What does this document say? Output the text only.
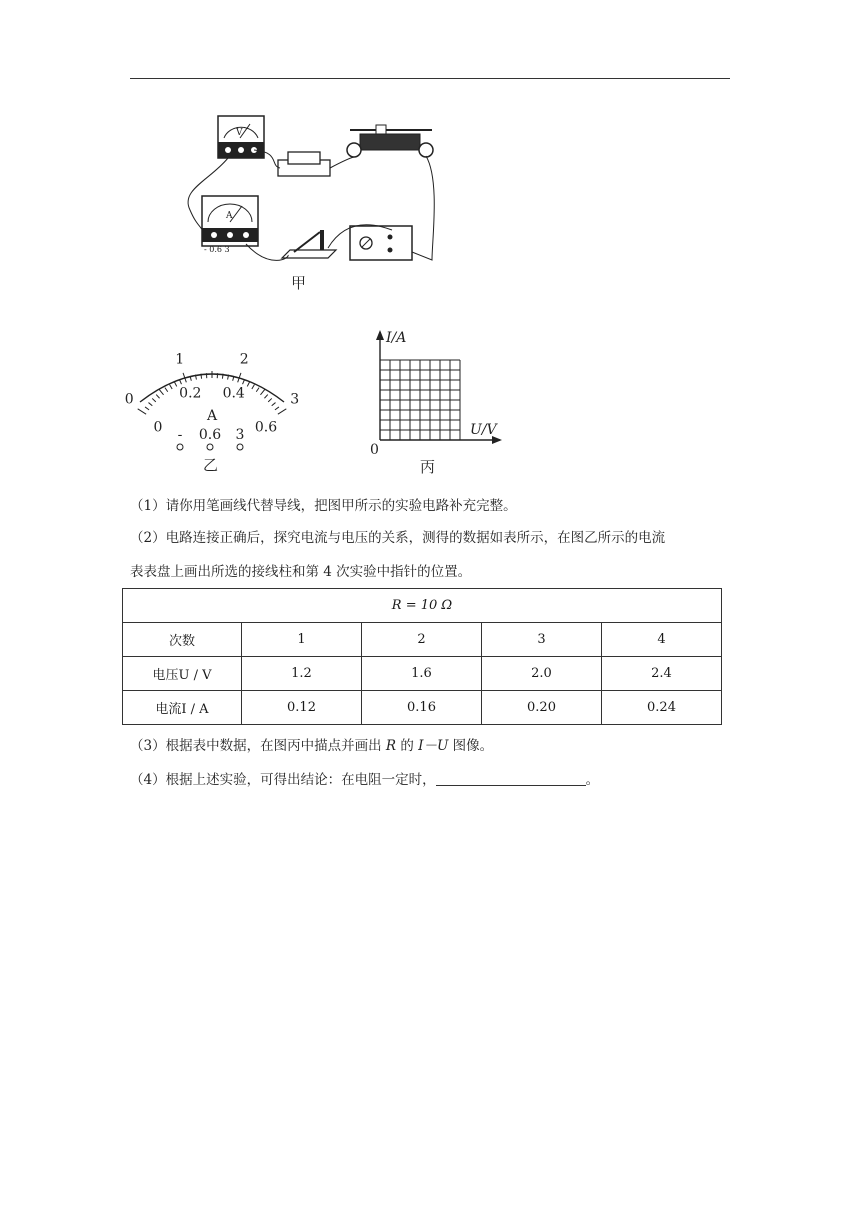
V
A
- 0.6 3
甲
0
1	2
3
0
0.2 0.4
0.6
A
- 0.6 3
乙
I/A
U/V
0
丙
（1）请你用笔画线代替导线，把图甲所示的实验电路补充完整。
（2）电路连接正确后，探究电流与电压的关系，测得的数据如表所示，在图乙所示的电流
表表盘上画出所选的接线柱和第 4 次实验中指针的位置。
R = 10 Ω				
次数	1	2	3	4
电压U / V	1.2	1.6	2.0	2.4
电流I / A	0.12	0.16	0.20	0.24
（3）根据表中数据，在图丙中描点并画出 R 的 I－U 图像。
（4）根据上述实验，可得出结论：在电阻一定时，	。
